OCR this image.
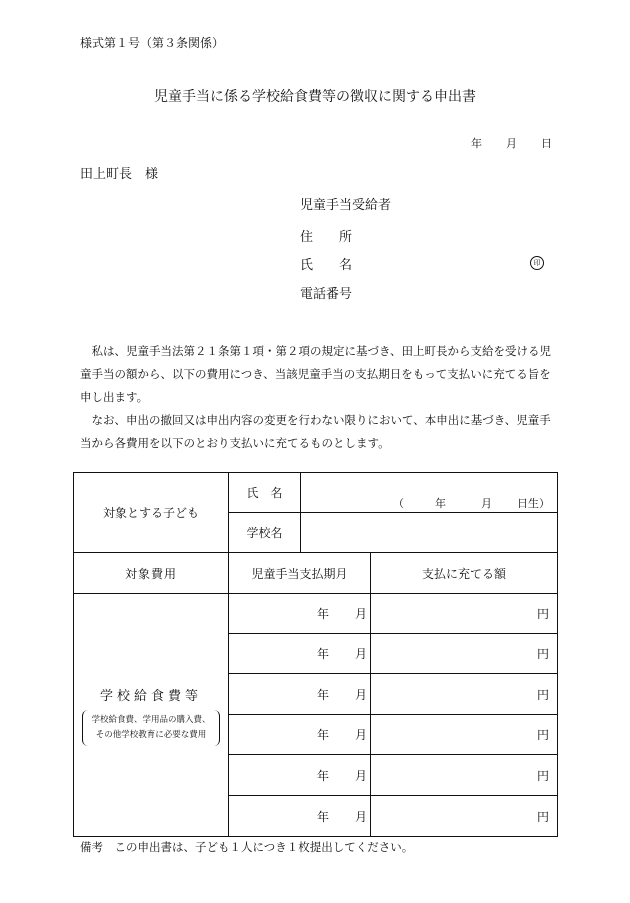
様式第１号（第３条関係）
児童手当に係る学校給食費等の徴収に関する申出書
年 月 日
田上町長　様
児童手当受給者
住　　所
氏　　名	印
電話番号
私は、児童手当法第２１条第１項・第２項の規定に基づき、田上町長から支給を受ける児童手当の額から、以下の費用につき、当該児童手当の支払期日をもって支払いに充てる旨を申し出ます。
なお、申出の撤回又は申出内容の変更を行わない限りにおいて、本申出に基づき、児童手当から各費用を以下のとおり支払いに充てるものとします。
対象とする子ども	氏　名	（ 年 月 日生）	

	学校名		
対象費用	児童手当支払期月		支払に充てる額

学校給食費等
学校給食費、学用品の購入費、
その他学校教育に必要な費用	年 月		円
	年 月		円
	年 月		円
	年 月		円
	年 月		円
	年 月		円
備考　この申出書は、子ども１人につき１枚提出してください。
